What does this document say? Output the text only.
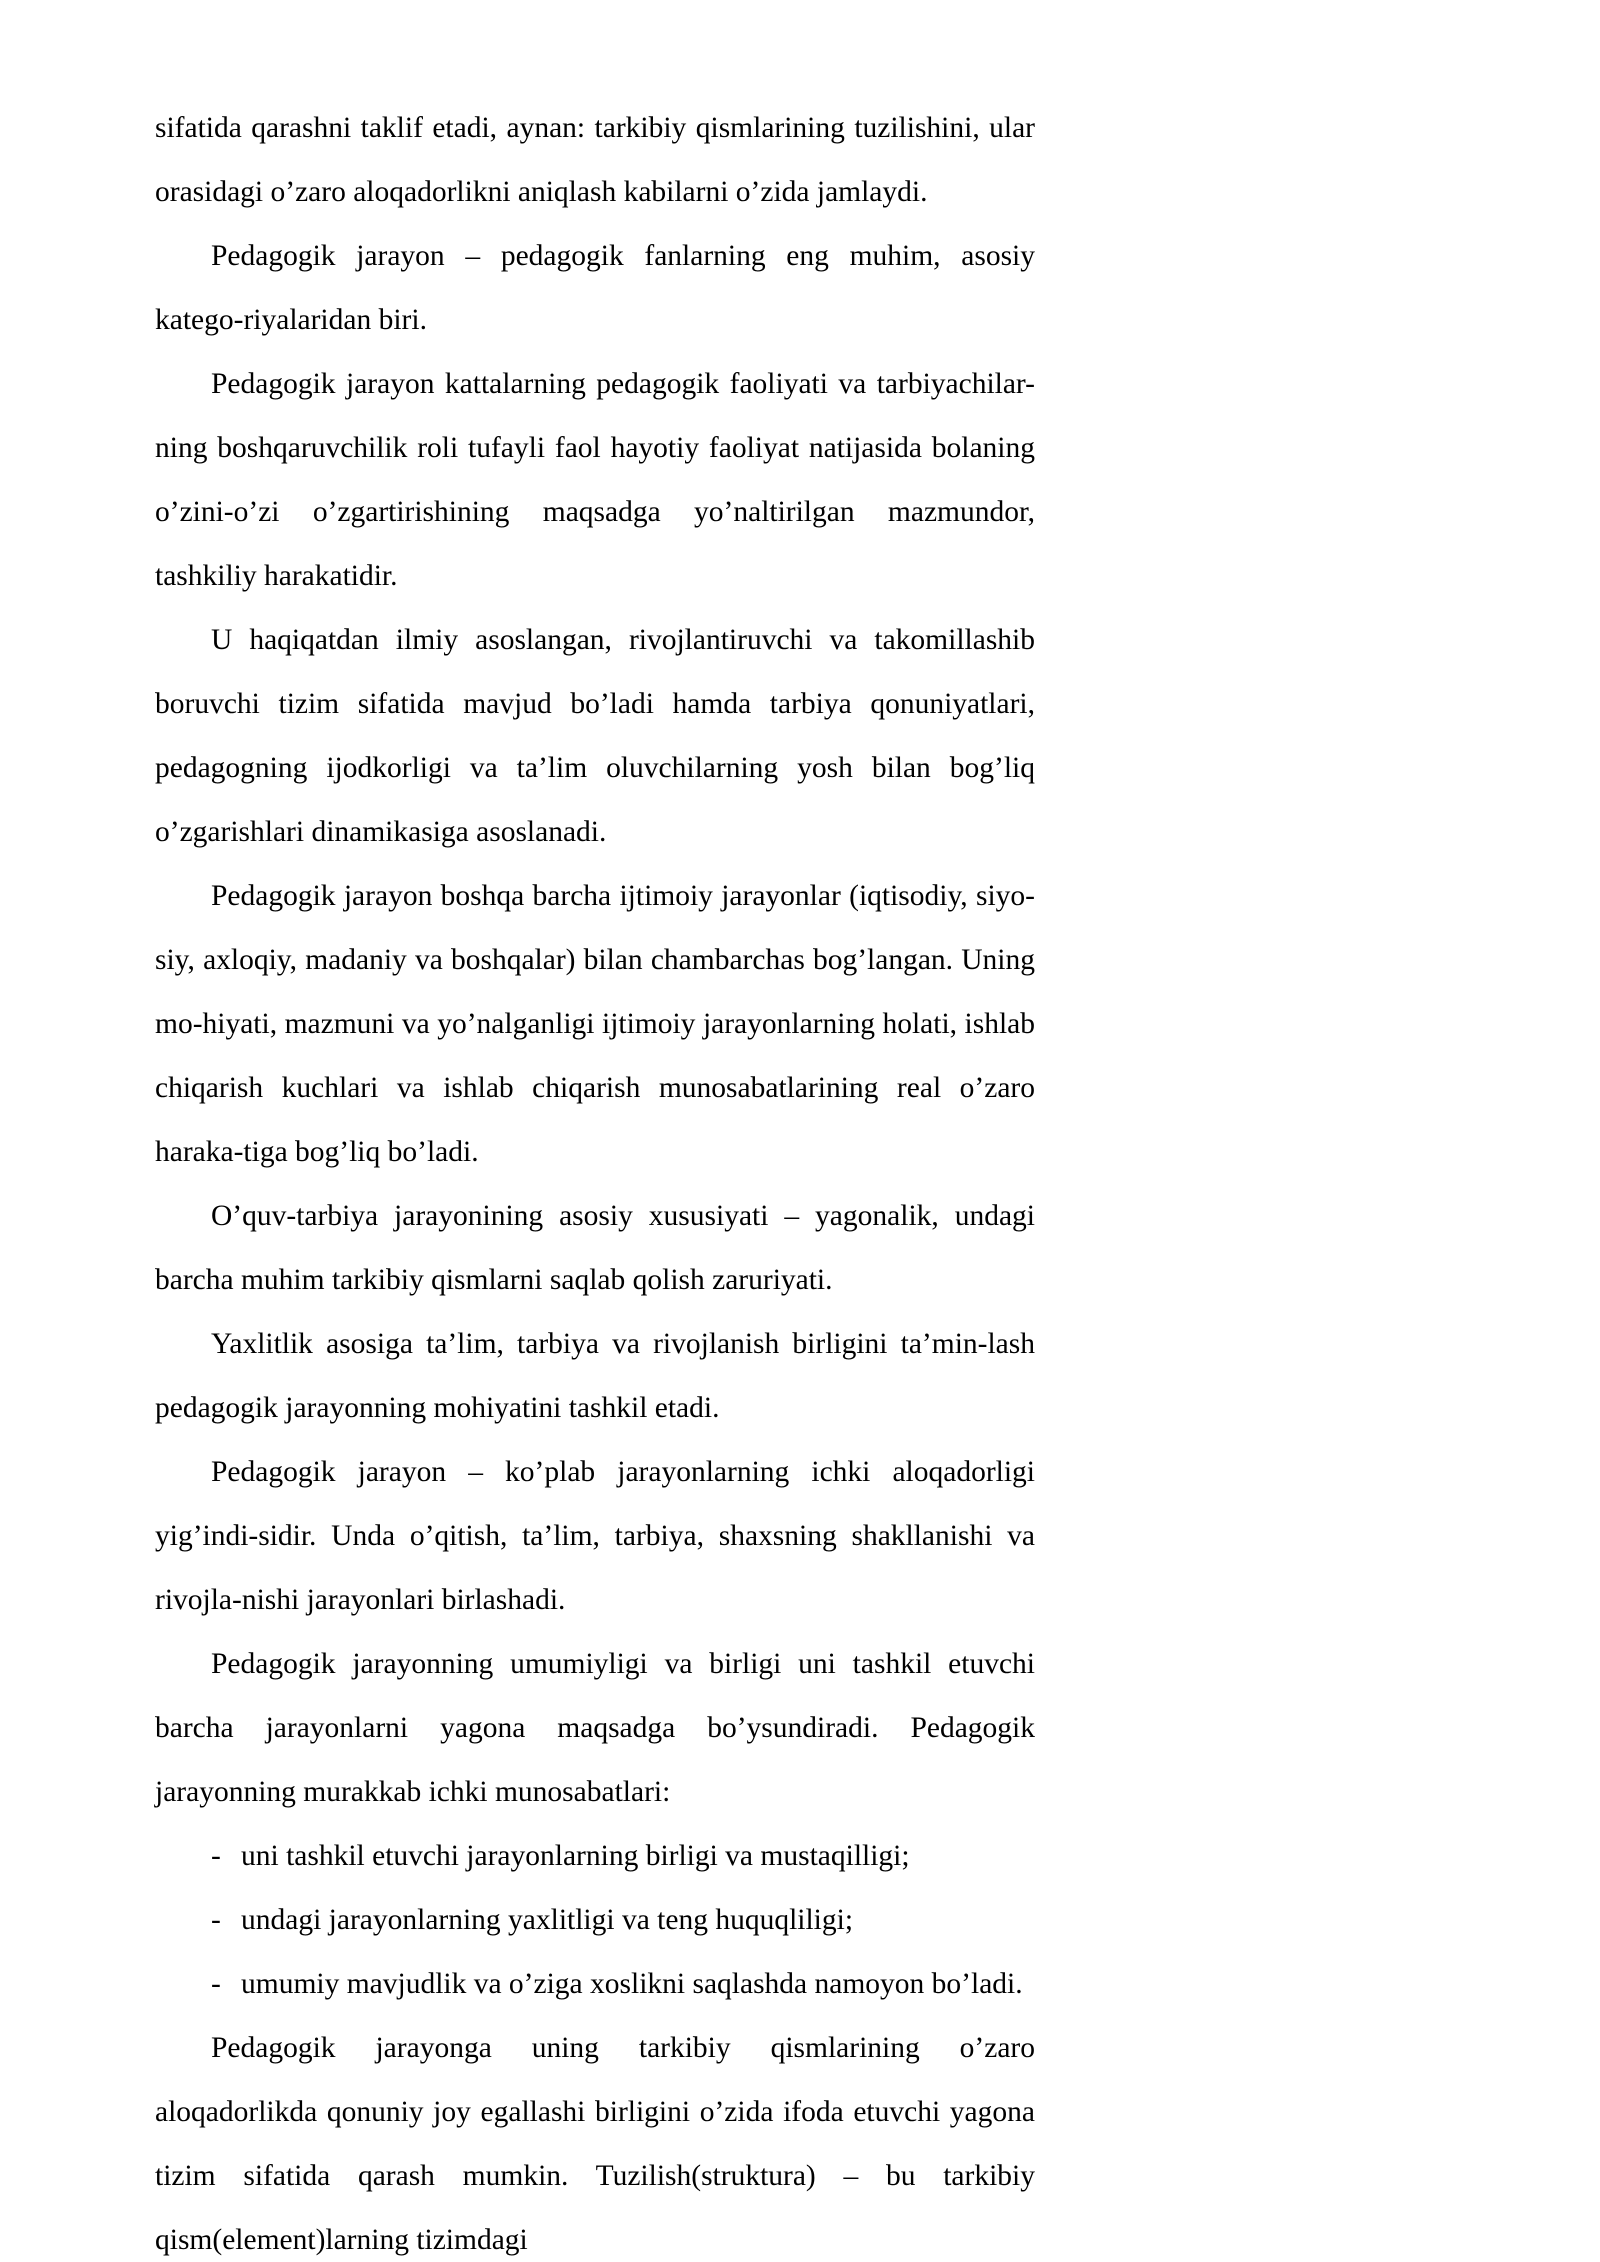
sifatida qarashni taklif etadi, aynan: tarkibiy qismlarining tuzilishini, ular orasidagi o’zaro aloqadorlikni aniqlash kabilarni o’zida jamlaydi.

Pedagogik jarayon – pedagogik fanlarning eng muhim, asosiy katego-riyalaridan biri.

Pedagogik jarayon kattalarning pedagogik faoliyati va tarbiyachilar-ning boshqaruvchilik roli tufayli faol hayotiy faoliyat natijasida bolaning o’zini-o’zi o’zgartirishining maqsadga yo’naltirilgan mazmundor, tashkiliy harakatidir.

U haqiqatdan ilmiy asoslangan, rivojlantiruvchi va takomillashib boruvchi tizim sifatida mavjud bo’ladi hamda tarbiya qonuniyatlari, pedagogning ijodkorligi va ta’lim oluvchilarning yosh bilan bog’liq o’zgarishlari dinamikasiga asoslanadi.

Pedagogik jarayon boshqa barcha ijtimoiy jarayonlar (iqtisodiy, siyo-siy, axloqiy, madaniy va boshqalar) bilan chambarchas bog’langan. Uning mo-hiyati, mazmuni va yo’nalganligi ijtimoiy jarayonlarning holati, ishlab chiqarish kuchlari va ishlab chiqarish munosabatlarining real o’zaro haraka-tiga bog’liq bo’ladi.

O’quv-tarbiya jarayonining asosiy xususiyati – yagonalik, undagi barcha muhim tarkibiy qismlarni saqlab qolish zaruriyati.

Yaxlitlik asosiga ta’lim, tarbiya va rivojlanish birligini ta’min-lash pedagogik jarayonning mohiyatini tashkil etadi.

Pedagogik jarayon – ko’plab jarayonlarning ichki aloqadorligi yig’indi-sidir. Unda o’qitish, ta’lim, tarbiya, shaxsning shakllanishi va rivojla-nishi jarayonlari birlashadi.

Pedagogik jarayonning umumiyligi va birligi uni tashkil etuvchi barcha jarayonlarni yagona maqsadga bo’ysundiradi. Pedagogik jarayonning murakkab ichki munosabatlari:

- uni tashkil etuvchi jarayonlarning birligi va mustaqilligi;
- undagi jarayonlarning yaxlitligi va teng huquqliligi;
- umumiy mavjudlik va o’ziga xoslikni saqlashda namoyon bo’ladi.

Pedagogik jarayonga uning tarkibiy qismlarining o’zaro aloqadorlikda qonuniy joy egallashi birligini o’zida ifoda etuvchi yagona tizim sifatida qarash mumkin. Tuzilish(struktura) – bu tarkibiy qism(element)larning tizimdagi
